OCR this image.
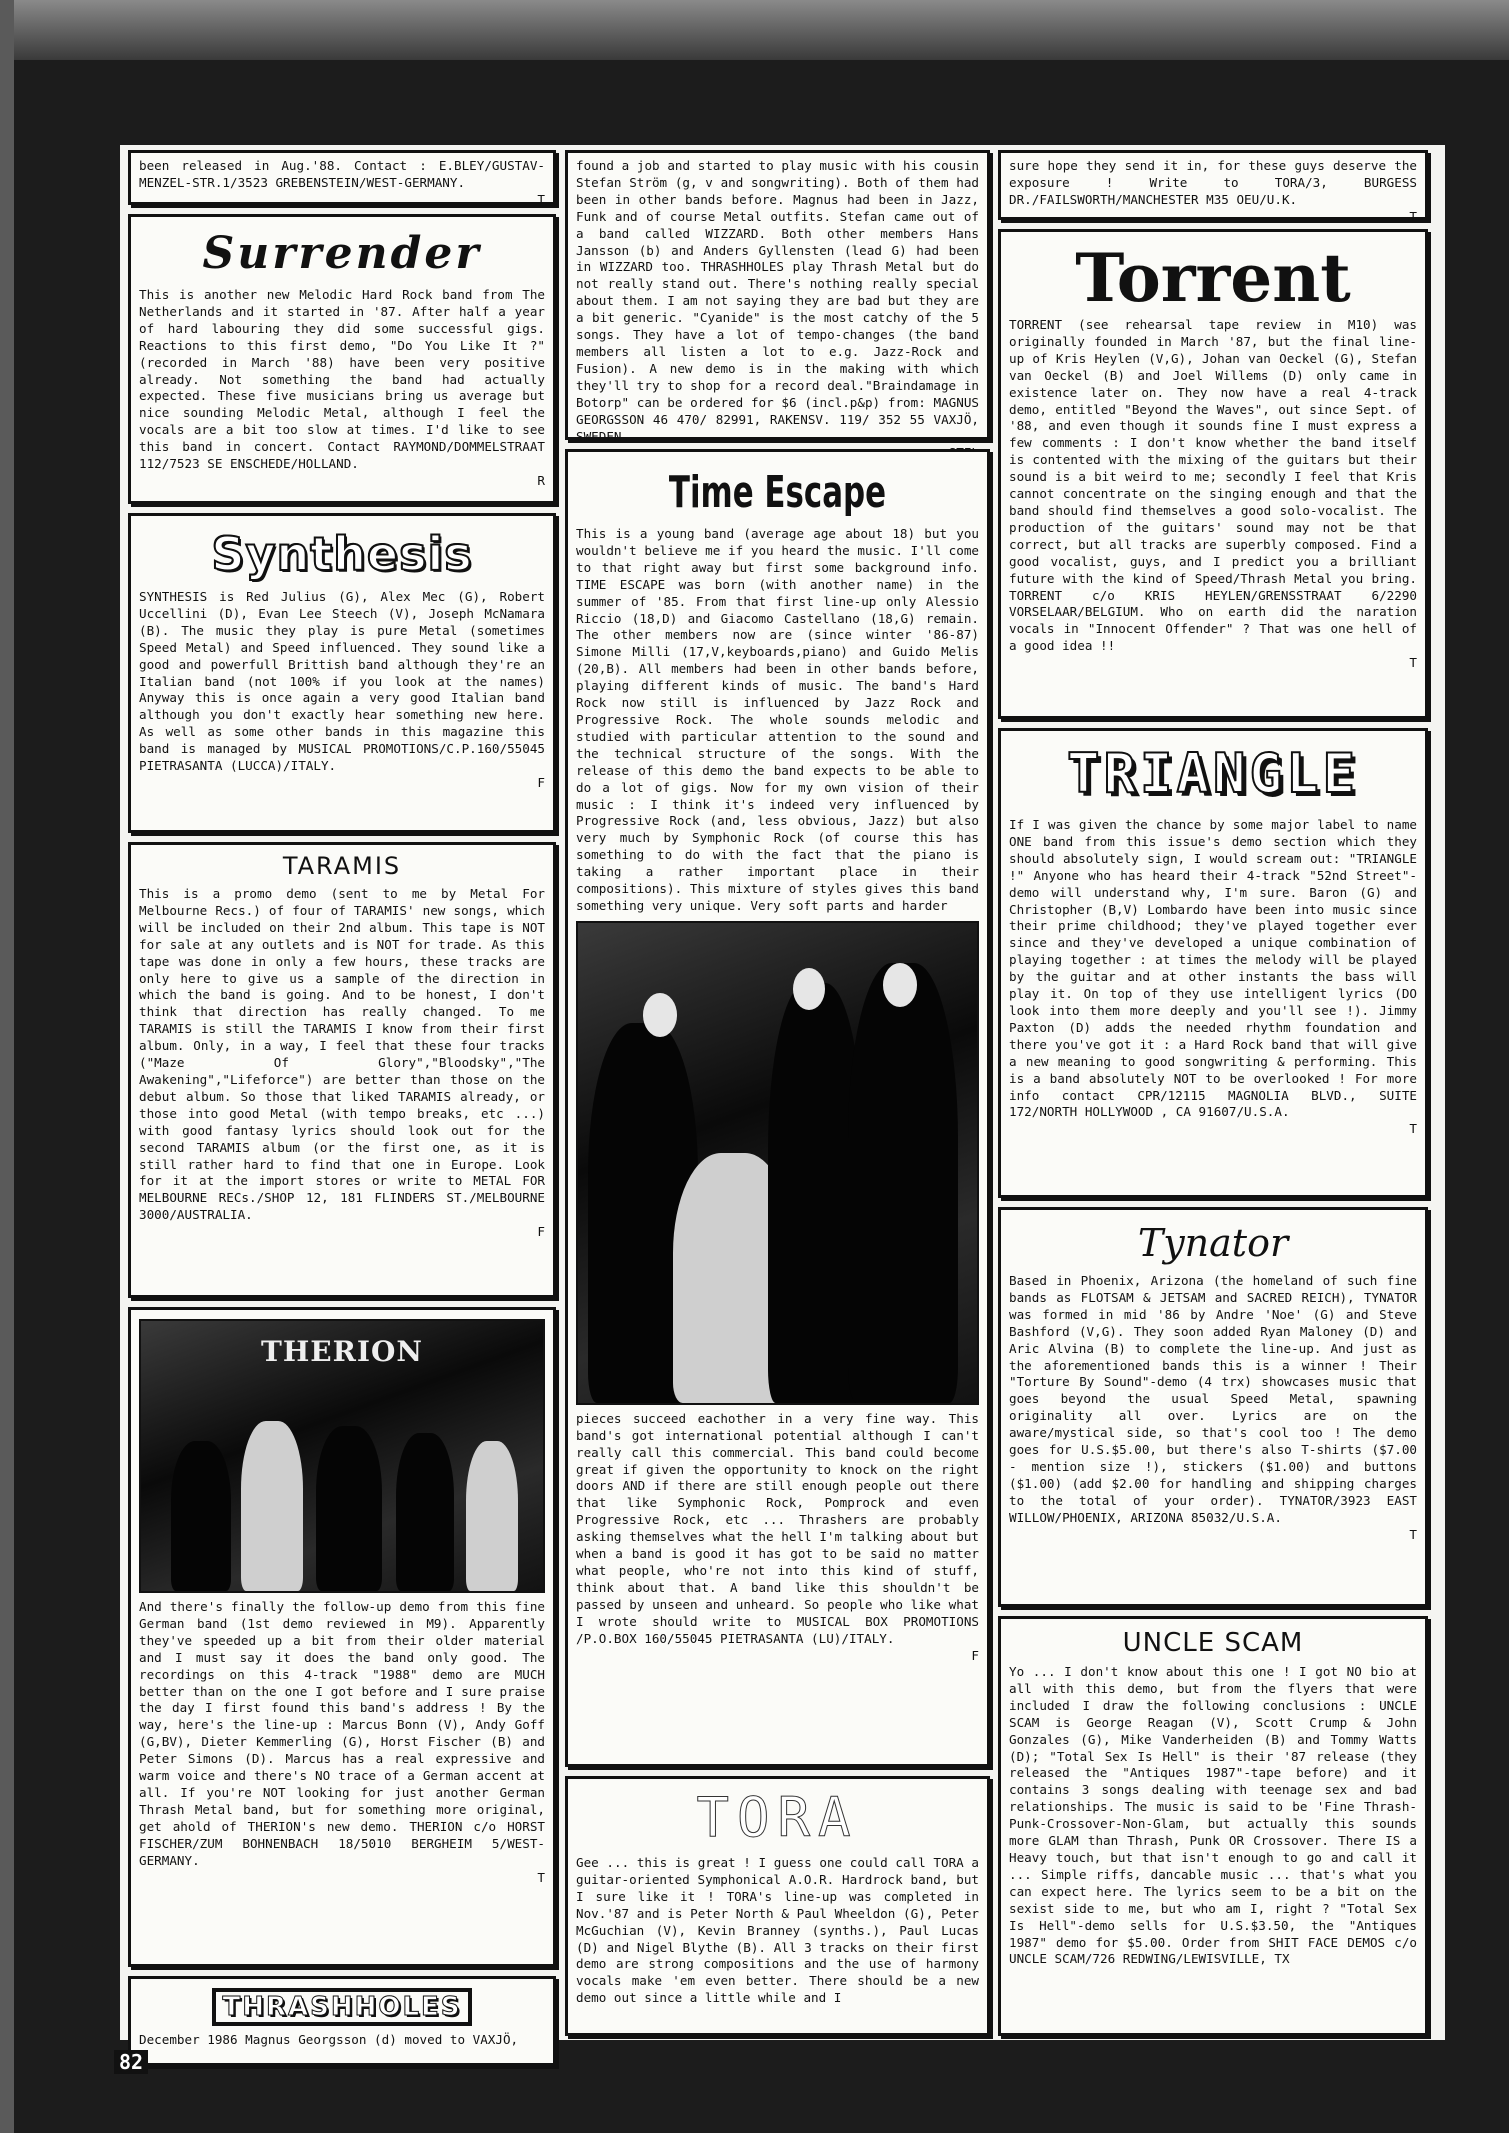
been released in Aug.'88. Contact : E.BLEY/GUSTAV-MENZEL-STR.1/3523 GREBENSTEIN/WEST-GERMANY.
T
Surrender
This is another new Melodic Hard Rock band from The Netherlands and it started in '87. After half a year of hard labouring they did some successful gigs. Reactions to this first demo, "Do You Like It ?"(recorded in March '88) have been very positive already. Not something the band had actually expected. These five musicians bring us average but nice sounding Melodic Metal, although I feel the vocals are a bit too slow at times. I'd like to see this band in concert. Contact RAYMOND/DOMMELSTRAAT 112/7523 SE ENSCHEDE/HOLLAND.
R
Synthesis
SYNTHESIS is Red Julius (G), Alex Mec (G), Robert Uccellini (D), Evan Lee Steech (V), Joseph McNamara (B). The music they play is pure Metal (sometimes Speed Metal) and Speed influenced. They sound like a good and powerfull Brittish band although they're an Italian band (not 100% if you look at the names) Anyway this is once again a very good Italian band although you don't exactly hear something new here. As well as some other bands in this magazine this band is managed by MUSICAL PROMOTIONS/C.P.160/55045 PIETRASANTA (LUCCA)/ITALY.
F
TARAMIS
This is a promo demo (sent to me by Metal For Melbourne Recs.) of four of TARAMIS' new songs, which will be included on their 2nd album. This tape is NOT for sale at any outlets and is NOT for trade. As this tape was done in only a few hours, these tracks are only here to give us a sample of the direction in which the band is going. And to be honest, I don't think that direction has really changed. To me TARAMIS is still the TARAMIS I know from their first album. Only, in a way, I feel that these four tracks ("Maze Of Glory","Bloodsky","The Awakening","Lifeforce") are better than those on the debut album. So those that liked TARAMIS already, or those into good Metal (with tempo breaks, etc ...) with good fantasy lyrics should look out for the second TARAMIS album (or the first one, as it is still rather hard to find that one in Europe. Look for it at the import stores or write to METAL FOR MELBOURNE RECs./SHOP 12, 181 FLINDERS ST./MELBOURNE 3000/AUSTRALIA.
F
THERION
And there's finally the follow-up demo from this fine German band (1st demo reviewed in M9). Apparently they've speeded up a bit from their older material and I must say it does the band only good. The recordings on this 4-track "1988" demo are MUCH better than on the one I got before and I sure praise the day I first found this band's address ! By the way, here's the line-up : Marcus Bonn (V), Andy Goff (G,BV), Dieter Kemmerling (G), Horst Fischer (B) and Peter Simons (D). Marcus has a real expressive and warm voice and there's NO trace of a German accent at all. If you're NOT looking for just another German Thrash Metal band, but for something more original, get ahold of THERION's new demo. THERION c/o HORST FISCHER/ZUM BOHNENBACH 18/5010 BERGHEIM 5/WEST-GERMANY.
T
THRASHHOLES
December 1986 Magnus Georgsson (d) moved to VAXJÖ,
found a job and started to play music with his cousin Stefan Ström (g, v and songwriting). Both of them had been in other bands before. Magnus had been in Jazz, Funk and of course Metal outfits. Stefan came out of a band called WIZZARD. Both other members Hans Jansson (b) and Anders Gyllensten (lead G) had been in WIZZARD too. THRASHHOLES play Thrash Metal but do not really stand out. There's nothing really special about them. I am not saying they are bad but they are a bit generic. "Cyanide" is the most catchy of the 5 songs. They have a lot of tempo-changes (the band members all listen a lot to e.g. Jazz-Rock and Fusion). A new demo is in the making with which they'll try to shop for a record deal."Braindamage in Botorp" can be ordered for $6 (incl.p&p) from: MAGNUS GEORGSSON 46 470/ 82991, RAKENSV. 119/ 352 55 VAXJÖ, SWEDEN.
Time Escape
This is a young band (average age about 18) but you wouldn't believe me if you heard the music. I'll come to that right away but first some background info. TIME ESCAPE was born (with another name) in the summer of '85. From that first line-up only Alessio Riccio (18,D) and Giacomo Castellano (18,G) remain. The other members now are (since winter '86-87) Simone Milli (17,V,keyboards,piano) and Guido Melis (20,B). All members had been in other bands before, playing different kinds of music. The band's Hard Rock now still is influenced by Jazz Rock and Progressive Rock. The whole sounds melodic and studied with particular attention to the sound and the technical structure of the songs. With the release of this demo the band expects to be able to do a lot of gigs. Now for my own vision of their music : I think it's indeed very influenced by Progressive Rock (and, less obvious, Jazz) but also very much by Symphonic Rock (of course this has something to do with the fact that the piano is taking a rather important place in their compositions). This mixture of styles gives this band something very unique. Very soft parts and harder
pieces succeed eachother in a very fine way. This band's got international potential although I can't really call this commercial. This band could become great if given the opportunity to knock on the right doors AND if there are still enough people out there that like Symphonic Rock, Pomprock and even Progressive Rock, etc ... Thrashers are probably asking themselves what the hell I'm talking about but when a band is good it has got to be said no matter what people, who're not into this kind of stuff, think about that. A band like this shouldn't be passed by unseen and unheard. So people who like what I wrote should write to MUSICAL BOX PROMOTIONS /P.O.BOX 160/55045 PIETRASANTA (LU)/ITALY.
F
TORA
Gee ... this is great ! I guess one could call TORA a guitar-oriented Symphonical A.O.R. Hardrock band, but I sure like it ! TORA's line-up was completed in Nov.'87 and is Peter North & Paul Wheeldon (G), Peter McGuchian (V), Kevin Branney (synths.), Paul Lucas (D) and Nigel Blythe (B). All 3 tracks on their first demo are strong compositions and the use of harmony vocals make 'em even better. There should be a new demo out since a little while and I
sure hope they send it in, for these guys deserve the exposure ! Write to TORA/3, BURGESS DR./FAILSWORTH/MANCHESTER M35 OEU/U.K.
T
Torrent
TORRENT (see rehearsal tape review in M10) was originally founded in March '87, but the final line-up of Kris Heylen (V,G), Johan van Oeckel (G), Stefan van Oeckel (B) and Joel Willems (D) only came in existence later on. They now have a real 4-track demo, entitled "Beyond the Waves", out since Sept. of '88, and even though it sounds fine I must express a few comments : I don't know whether the band itself is contented with the mixing of the guitars but their sound is a bit weird to me; secondly I feel that Kris cannot concentrate on the singing enough and that the band should find themselves a good solo-vocalist. The production of the guitars' sound may not be that correct, but all tracks are superbly composed. Find a good vocalist, guys, and I predict you a brilliant future with the kind of Speed/Thrash Metal you bring. TORRENT c/o KRIS HEYLEN/GRENSSTRAAT 6/2290 VORSELAAR/BELGIUM. Who on earth did the naration vocals in "Innocent Offender" ? That was one hell of a good idea !!
T
TRIANGLE
If I was given the chance by some major label to name ONE band from this issue's demo section which they should absolutely sign, I would scream out: "TRIANGLE !" Anyone who has heard their 4-track "52nd Street"-demo will understand why, I'm sure. Baron (G) and Christopher (B,V) Lombardo have been into music since their prime childhood; they've played together ever since and they've developed a unique combination of playing together : at times the melody will be played by the guitar and at other instants the bass will play it. On top of they use intelligent lyrics (DO look into them more deeply and you'll see !). Jimmy Paxton (D) adds the needed rhythm foundation and there you've got it : a Hard Rock band that will give a new meaning to good songwriting & performing. This is a band absolutely NOT to be overlooked ! For more info contact CPR/12115 MAGNOLIA BLVD., SUITE 172/NORTH HOLLYWOOD , CA 91607/U.S.A.
T
Tynator
Based in Phoenix, Arizona (the homeland of such fine bands as FLOTSAM & JETSAM and SACRED REICH), TYNATOR was formed in mid '86 by Andre 'Noe' (G) and Steve Bashford (V,G). They soon added Ryan Maloney (D) and Aric Alvina (B) to complete the line-up. And just as the aforementioned bands this is a winner ! Their "Torture By Sound"-demo (4 trx) showcases music that goes beyond the usual Speed Metal, spawning originality all over. Lyrics are on the aware/mystical side, so that's cool too ! The demo goes for U.S.$5.00, but there's also T-shirts ($7.00 - mention size !), stickers ($1.00) and buttons ($1.00) (add $2.00 for handling and shipping charges to the total of your order). TYNATOR/3923 EAST WILLOW/PHOENIX, ARIZONA 85032/U.S.A.
T
UNCLE SCAM
Yo ... I don't know about this one ! I got NO bio at all with this demo, but from the flyers that were included I draw the following conclusions : UNCLE SCAM is George Reagan (V), Scott Crump & John Gonzales (G), Mike Vanderheiden (B) and Tommy Watts (D); "Total Sex Is Hell" is their '87 release (they released the "Antiques 1987"-tape before) and it contains 3 songs dealing with teenage sex and bad relationships. The music is said to be 'Fine Thrash-Punk-Crossover-Non-Glam, but actually this sounds more GLAM than Thrash, Punk OR Crossover. There IS a Heavy touch, but that isn't enough to go and call it ... Simple riffs, dancable music ... that's what you can expect here. The lyrics seem to be a bit on the sexist side to me, but who am I, right ? "Total Sex Is Hell"-demo sells for U.S.$3.50, the "Antiques 1987" demo for $5.00. Order from SHIT FACE DEMOS c/o UNCLE SCAM/726 REDWING/LEWISVILLE, TX
82
